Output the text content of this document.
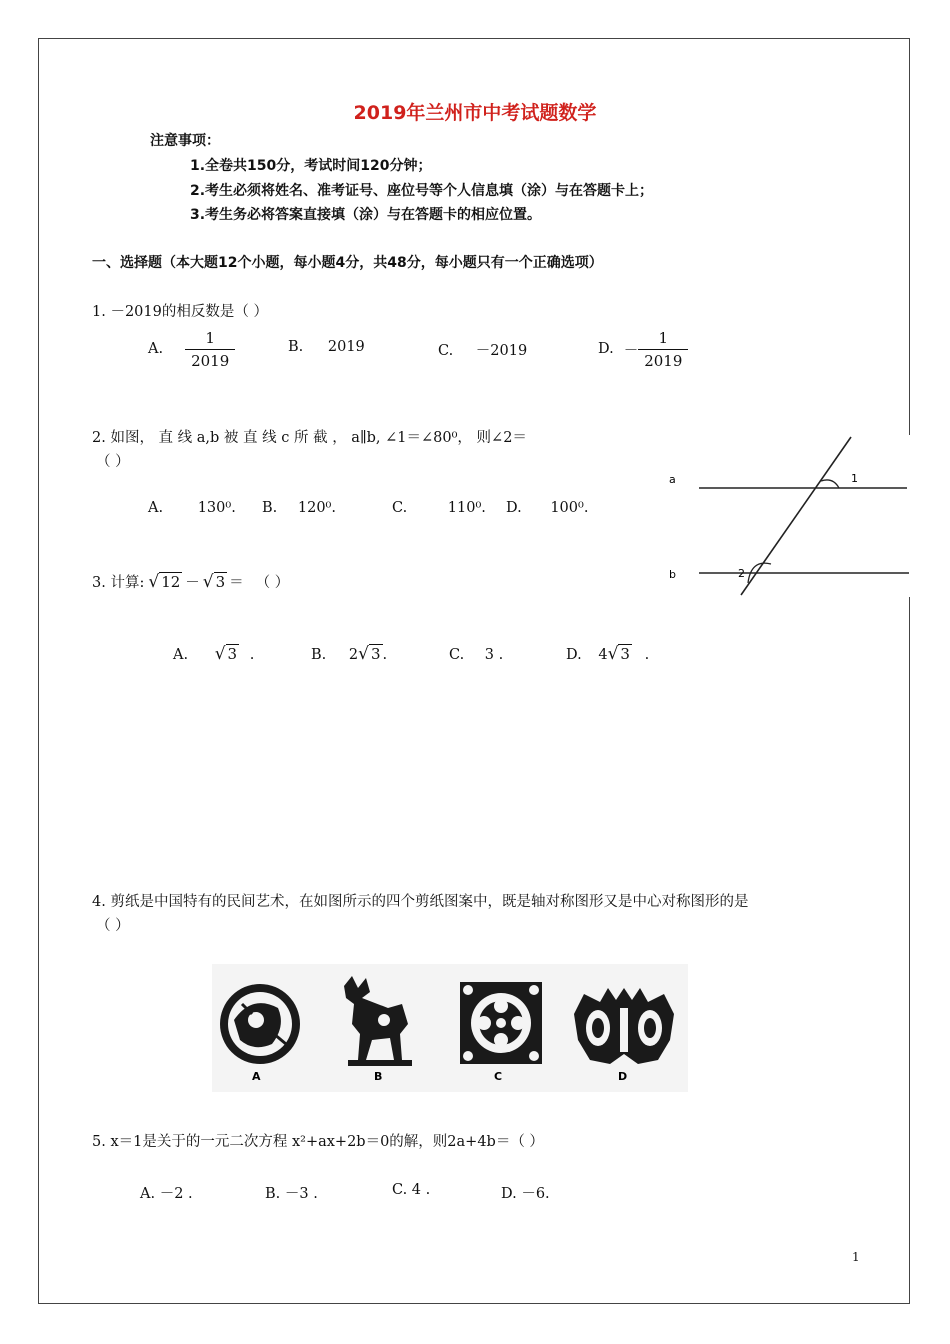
2019年兰州市中考试题数学
注意事项：
1.全卷共150分，考试时间120分钟；
2.考生必须将姓名、准考证号、座位号等个人信息填（涂）与在答题卡上；
3.考生务必将答案直接填（涂）与在答题卡的相应位置。
一、选择题（本大题12个小题，每小题4分，共48分，每小题只有一个正确选项）
1. －2019的相反数是（ ）
A. $\frac{1}{2019}$	B. 2019	C. －2019	D. － $\frac{1}{2019}$
2. 如图， 直 线 a,b 被 直 线 c 所 截 ， a∥b, ∠1＝∠80⁰， 则∠2＝
（ ）
A. 130⁰. B. 120⁰.	C.	110⁰. D. 100⁰.
a
b
1
2
3. 计算: √ 12 － √ 3 ＝ （ ）
A. √ 3 .	B. 2√ 3 .	C. 3 .	D. 4√ 3 .
4. 剪纸是中国特有的民间艺术，在如图所示的四个剪纸图案中，既是轴对称图形又是中心对称图形的是
（ ）
A	B	C	D
5. x＝1是关于的一元二次方程 x²+ax+2b＝0的解，则2a+4b＝（ ）
A. －2 .	B. －3 .	C. 4 .	D. －6.
1
